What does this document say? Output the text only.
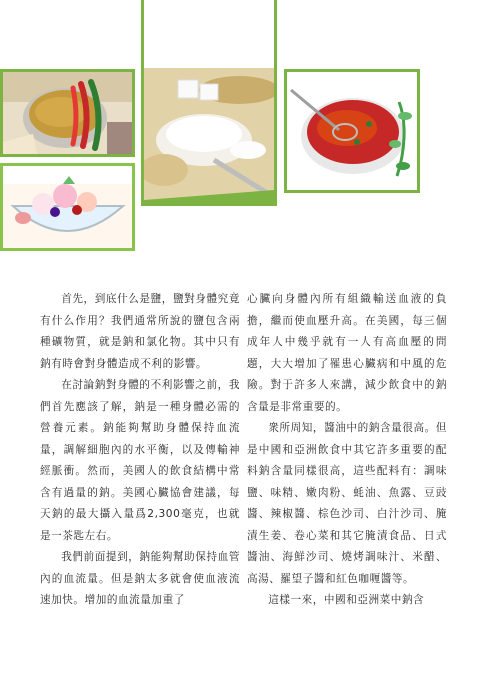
首先，到底什么是鹽，鹽對身體究竟有什么作用？我們通常所說的鹽包含兩種礦物質，就是鈉和氯化物。其中只有鈉有時會對身體造成不利的影響。

在討論鈉對身體的不利影響之前，我們首先應該了解，鈉是一種身體必需的營養元素。鈉能夠幫助身體保持血流量，調解細胞內的水平衡，以及傳輸神經脈衝。然而，美國人的飲食結構中常含有過量的鈉。美國心臟協會建議，每天鈉的最大攝入量爲2,300毫克，也就是一茶匙左右。

我們前面提到，鈉能夠幫助保持血管內的血流量。但是鈉太多就會使血液流速加快。增加的血流量加重了

心臟向身體內所有組織輸送血液的負擔，繼而使血壓升高。在美國，每三個成年人中幾乎就有一人有高血壓的問題，大大增加了罹患心臟病和中風的危險。對于許多人來講，減少飲食中的鈉含量是非常重要的。

衆所周知，醬油中的鈉含量很高。但是中國和亞洲飲食中其它許多重要的配料鈉含量同樣很高，這些配料有：調味鹽、味精、嫩肉粉、蚝油、魚露、豆豉醬、辣椒醬、棕色沙司、白汁沙司、腌漬生姜、卷心菜和其它腌漬食品、日式醬油、海鮮沙司、燒烤調味汁、米醋、高湯、羅望子醬和紅色咖喱醬等。

這樣一來，中國和亞洲菜中鈉含
